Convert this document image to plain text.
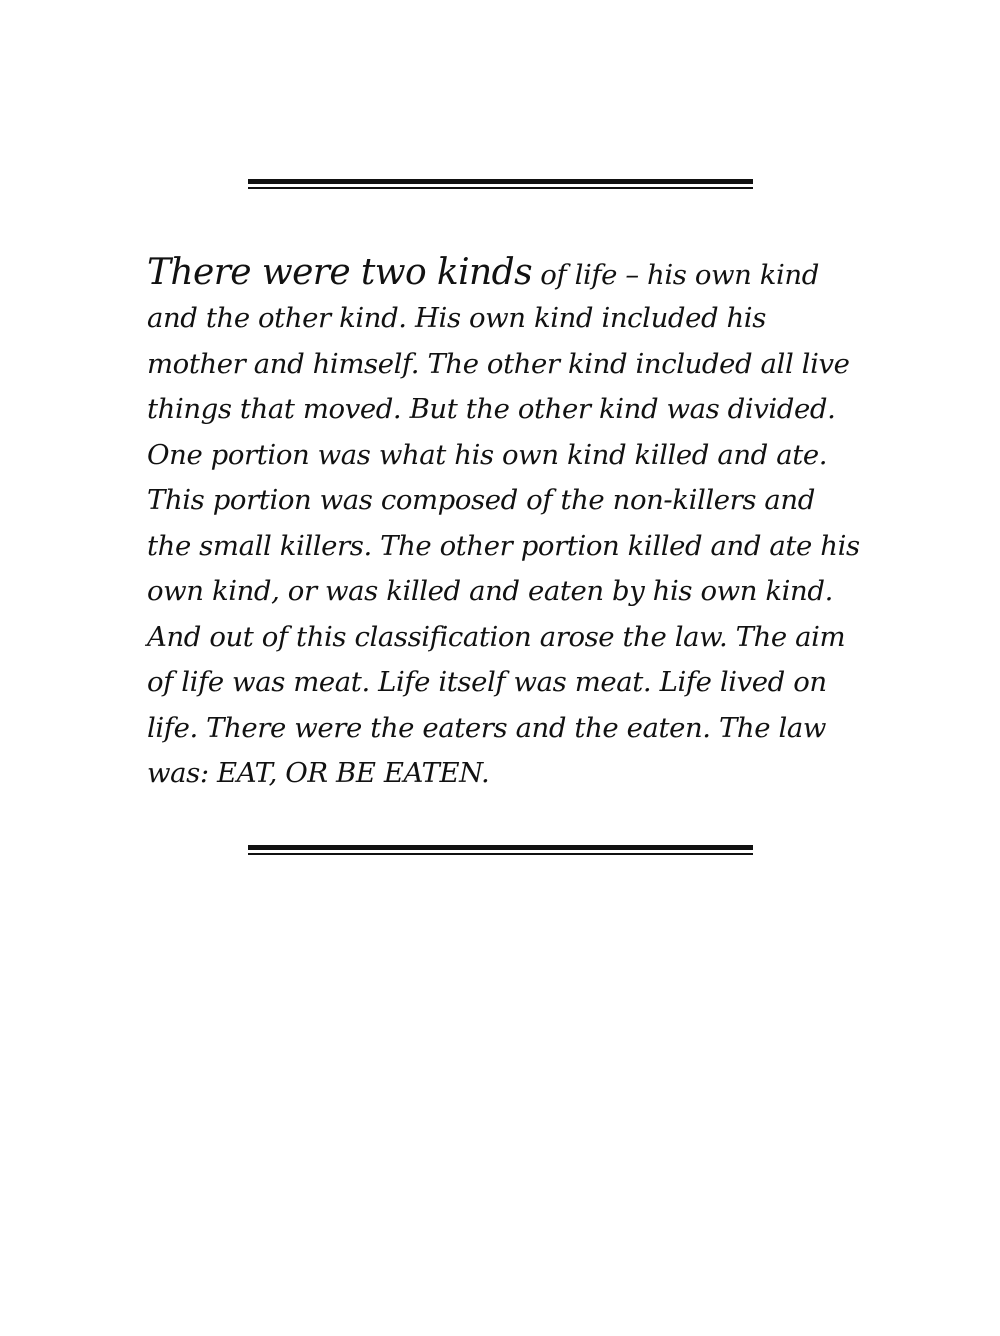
There were two kinds of life – his own kind
and the other kind. His own kind included his
mother and himself. The other kind included all live
things that moved. But the other kind was divided.
One portion was what his own kind killed and ate.
This portion was composed of the non-killers and
the small killers. The other portion killed and ate his
own kind, or was killed and eaten by his own kind.
And out of this classification arose the law. The aim
of life was meat. Life itself was meat. Life lived on
life. There were the eaters and the eaten. The law
was: EAT, OR BE EATEN.
